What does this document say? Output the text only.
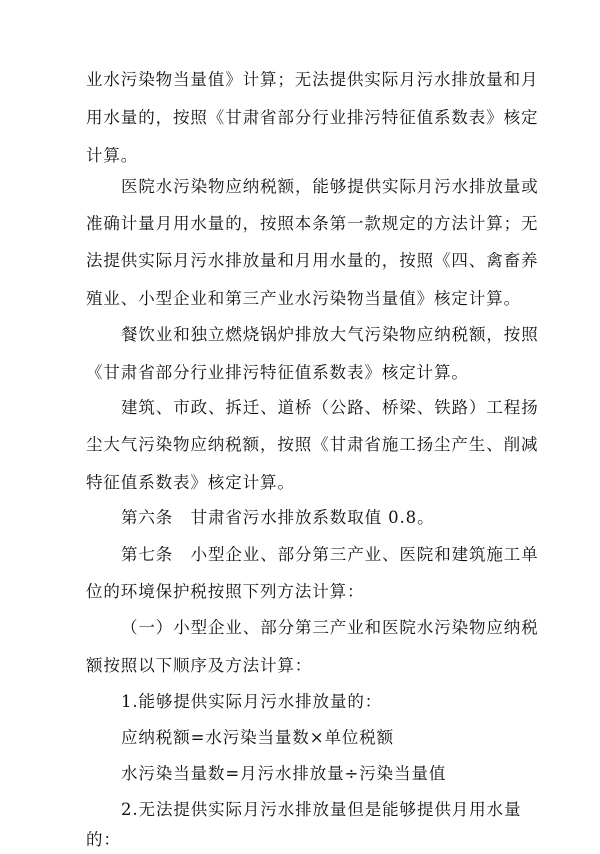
业水污染物当量值》计算；无法提供实际月污水排放量和月
用水量的，按照《甘肃省部分行业排污特征值系数表》核定
计算。
医院水污染物应纳税额，能够提供实际月污水排放量或
准确计量月用水量的，按照本条第一款规定的方法计算；无
法提供实际月污水排放量和月用水量的，按照《四、禽畜养
殖业、小型企业和第三产业水污染物当量值》核定计算。
餐饮业和独立燃烧锅炉排放大气污染物应纳税额，按照
《甘肃省部分行业排污特征值系数表》核定计算。
建筑、市政、拆迁、道桥（公路、桥梁、铁路）工程扬
尘大气污染物应纳税额，按照《甘肃省施工扬尘产生、削减
特征值系数表》核定计算。
第六条　甘肃省污水排放系数取值 0.8。
第七条　小型企业、部分第三产业、医院和建筑施工单
位的环境保护税按照下列方法计算：
（一）小型企业、部分第三产业和医院水污染物应纳税
额按照以下顺序及方法计算：
1.能够提供实际月污水排放量的：
应纳税额=水污染当量数×单位税额
水污染当量数=月污水排放量÷污染当量值
2.无法提供实际月污水排放量但是能够提供月用水量
的：
